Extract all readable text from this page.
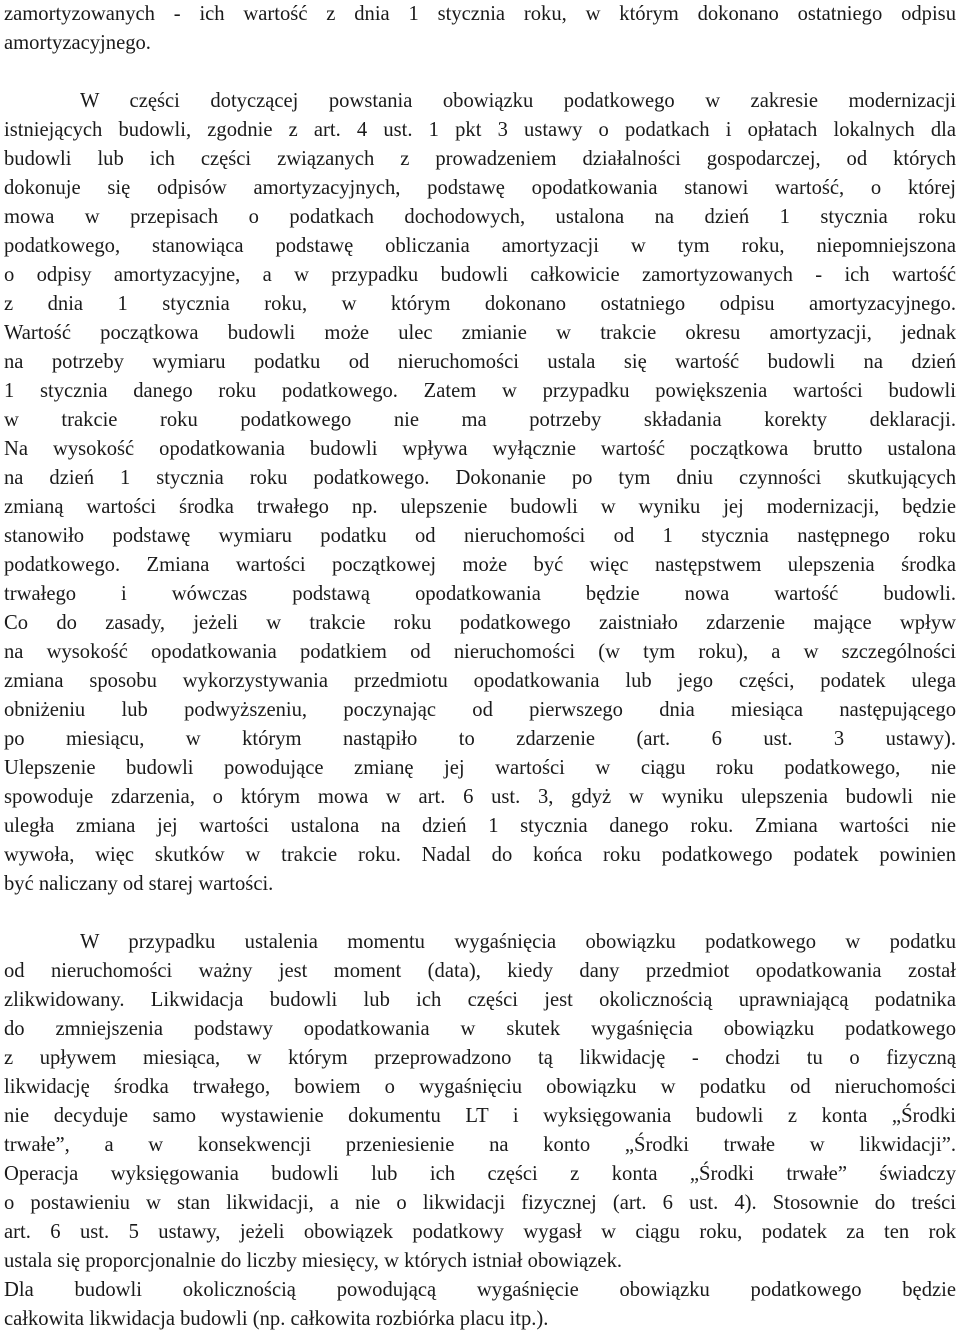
zamortyzowanych - ich wartość z dnia 1 stycznia roku, w którym dokonano ostatniego odpisu
amortyzacyjnego.
W części dotyczącej powstania obowiązku podatkowego w zakresie modernizacji
istniejących budowli, zgodnie z art. 4 ust. 1 pkt 3 ustawy o podatkach i opłatach lokalnych dla
budowli lub ich części związanych z prowadzeniem działalności gospodarczej, od których
dokonuje się odpisów amortyzacyjnych, podstawę opodatkowania stanowi wartość, o której
mowa w przepisach o podatkach dochodowych, ustalona na dzień 1 stycznia roku
podatkowego, stanowiąca podstawę obliczania amortyzacji w tym roku, niepomniejszona
o odpisy amortyzacyjne, a w przypadku budowli całkowicie zamortyzowanych - ich wartość
z dnia 1 stycznia roku, w którym dokonano ostatniego odpisu amortyzacyjnego.
Wartość początkowa budowli może ulec zmianie w trakcie okresu amortyzacji, jednak
na potrzeby wymiaru podatku od nieruchomości ustala się wartość budowli na dzień
1 stycznia danego roku podatkowego. Zatem w przypadku powiększenia wartości budowli
w trakcie roku podatkowego nie ma potrzeby składania korekty deklaracji.
Na wysokość opodatkowania budowli wpływa wyłącznie wartość początkowa brutto ustalona
na dzień 1 stycznia roku podatkowego. Dokonanie po tym dniu czynności skutkujących
zmianą wartości środka trwałego np. ulepszenie budowli w wyniku jej modernizacji, będzie
stanowiło podstawę wymiaru podatku od nieruchomości od 1 stycznia następnego roku
podatkowego. Zmiana wartości początkowej może być więc następstwem ulepszenia środka
trwałego i wówczas podstawą opodatkowania będzie nowa wartość budowli.
Co do zasady, jeżeli w trakcie roku podatkowego zaistniało zdarzenie mające wpływ
na wysokość opodatkowania podatkiem od nieruchomości (w tym roku), a w szczególności
zmiana sposobu wykorzystywania przedmiotu opodatkowania lub jego części, podatek ulega
obniżeniu lub podwyższeniu, poczynając od pierwszego dnia miesiąca następującego
po miesiącu, w którym nastąpiło to zdarzenie (art. 6 ust. 3 ustawy).
Ulepszenie budowli powodujące zmianę jej wartości w ciągu roku podatkowego, nie
spowoduje zdarzenia, o którym mowa w art. 6 ust. 3, gdyż w wyniku ulepszenia budowli nie
uległa zmiana jej wartości ustalona na dzień 1 stycznia danego roku. Zmiana wartości nie
wywoła, więc skutków w trakcie roku. Nadal do końca roku podatkowego podatek powinien
być naliczany od starej wartości.
W przypadku ustalenia momentu wygaśnięcia obowiązku podatkowego w podatku
od nieruchomości ważny jest moment (data), kiedy dany przedmiot opodatkowania został
zlikwidowany. Likwidacja budowli lub ich części jest okolicznością uprawniającą podatnika
do zmniejszenia podstawy opodatkowania w skutek wygaśnięcia obowiązku podatkowego
z upływem miesiąca, w którym przeprowadzono tą likwidację - chodzi tu o fizyczną
likwidację środka trwałego, bowiem o wygaśnięciu obowiązku w podatku od nieruchomości
nie decyduje samo wystawienie dokumentu LT i wyksięgowania budowli z konta „Środki
trwałe”, a w konsekwencji przeniesienie na konto „Środki trwałe w likwidacji”.
Operacja wyksięgowania budowli lub ich części z konta „Środki trwałe” świadczy
o postawieniu w stan likwidacji, a nie o likwidacji fizycznej (art. 6 ust. 4). Stosownie do treści
art. 6 ust. 5 ustawy, jeżeli obowiązek podatkowy wygasł w ciągu roku, podatek za ten rok
ustala się proporcjonalnie do liczby miesięcy, w których istniał obowiązek.
Dla budowli okolicznością powodującą wygaśnięcie obowiązku podatkowego będzie
całkowita likwidacja budowli (np. całkowita rozbiórka placu itp.).
